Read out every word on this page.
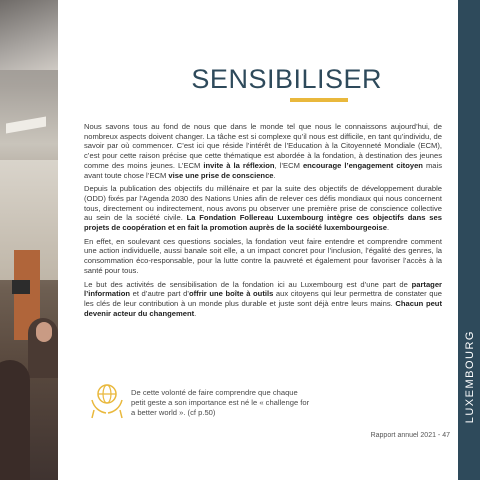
LUXEMBOURG
SENSIBILISER

Nous savons tous au fond de nous que dans le monde tel que nous le connaissons aujourd’hui, de nombreux aspects doivent changer. La tâche est si complexe qu’il nous est difficile, en tant qu’individu, de savoir par où commencer. C’est ici que réside l’intérêt de l’Education à la Citoyenneté Mondiale (ECM), c’est pour cette raison précise que cette thématique est abordée à la fondation, à destination des jeunes comme des moins jeunes. L’ECM invite à la réflexion, l’ECM encourage l’engagement citoyen mais avant toute chose l’ECM vise une prise de conscience.

Depuis la publication des objectifs du millénaire et par la suite des objectifs de développement durable (ODD) fixés par l’Agenda 2030 des Nations Unies afin de relever ces défis mondiaux qui nous concernent tous, directement ou indirectement, nous avons pu observer une première prise de conscience collective au sein de la société civile. La Fondation Follereau Luxembourg intègre ces objectifs dans ses projets de coopération et en fait la promotion auprès de la société luxembourgeoise.

En effet, en soulevant ces questions sociales, la fondation veut faire entendre et comprendre comment une action individuelle, aussi banale soit elle, a un impact concret pour l’inclusion, l’égalité des genres, la consommation éco-responsable, pour la lutte contre la pauvreté et également pour favoriser l’accès à la santé pour tous.

Le but des activités de sensibilisation de la fondation ici au Luxembourg est d’une part de partager l’information et d’autre part d’offrir une boîte à outils aux citoyens qui leur permettra de constater que les clés de leur contribution à un monde plus durable et juste sont déjà entre leurs mains. Chacun peut devenir acteur du changement.

De cette volonté de faire comprendre que chaque petit geste a son importance est né le « challenge for a better world ». (cf p.50)
Rapport annuel 2021 - 47
